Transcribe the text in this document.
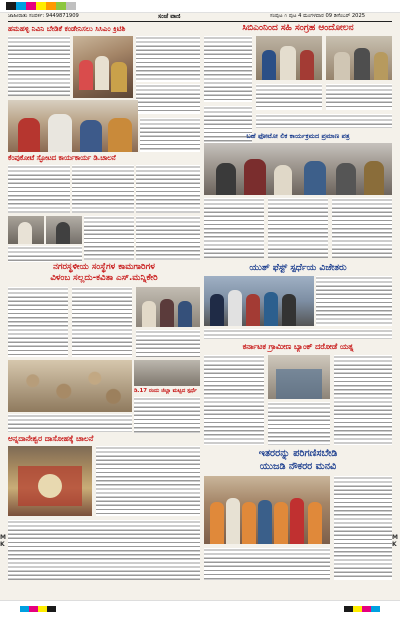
ಜಾಹೀರಾತು ಸಂಪರ್ಕ: 9449871909	ಸಂಜೆ ವಾಣಿ	ಸಂಪುಟ ೧ ಪುಟ 4 ಮಂಗಳವಾರ 09 ಡಿಸೆಂಬರ್ 2025
ಹಮಹಳ್ಳಿ ನಿವಿನಿ ಬೇಡಿಕೆ ಕಂಡೇನಿಸಲು ಸಿಸಿಎಂ ಕ್ರಿಟಿಶಿ	ಸಿಬಿಎಂನಿಂದ ಸಹಿ ಸಂಗ್ರಹ ಆಂದೋಲನ
ಕೆಂಪುಕೋಟೆ ಸ್ಫೋಟದ ಕಾರ್ಯಕಾರ್ಯ ಡಿ.ಚಾಲನೆ
ಬಹೆ ಫೋಟೋ ಲಿಕ ಕಾರ್ಯಕ್ರಮದ ಪ್ರಮಾಣ ಪತ್ರ
ನಗರಸ್ಥಳೀಯ ಸಂಸ್ಥೆಗಳ ಕಾಮಗಾರಿಗಳ
ವಿಳಂಬ ಸಲ್ಲದು-ಕವಿತಾ ಎಸ್.ಮನ್ನಿಕೇರಿ
ಡಿ.17 ರಂದು ಜಿಲ್ಲಾ ಮಟ್ಟದ ಸ್ಪರ್ಧೆ
ಅನ್ನದಾನೇಶ್ವರ ದಾಸೋಹಕ್ಕೆ ಚಾಲನೆ
ಯುತ್ ಫೆಸ್ಟ್ ಸ್ಪರ್ಧೆಯ ವಿಜೇತರು
ಕರ್ನಾಟಕ ಗ್ರಾಮೀಣ ಬ್ಯಾಂಕ್ ದರೋಡೆ ಯತ್ನ
ಇತರರನ್ನು ಪರಿಗಣಿಸಬೇಡಿ
ಯುಜಡಿ ನೌಕರರ ಮನವಿ
M
K
M
K
